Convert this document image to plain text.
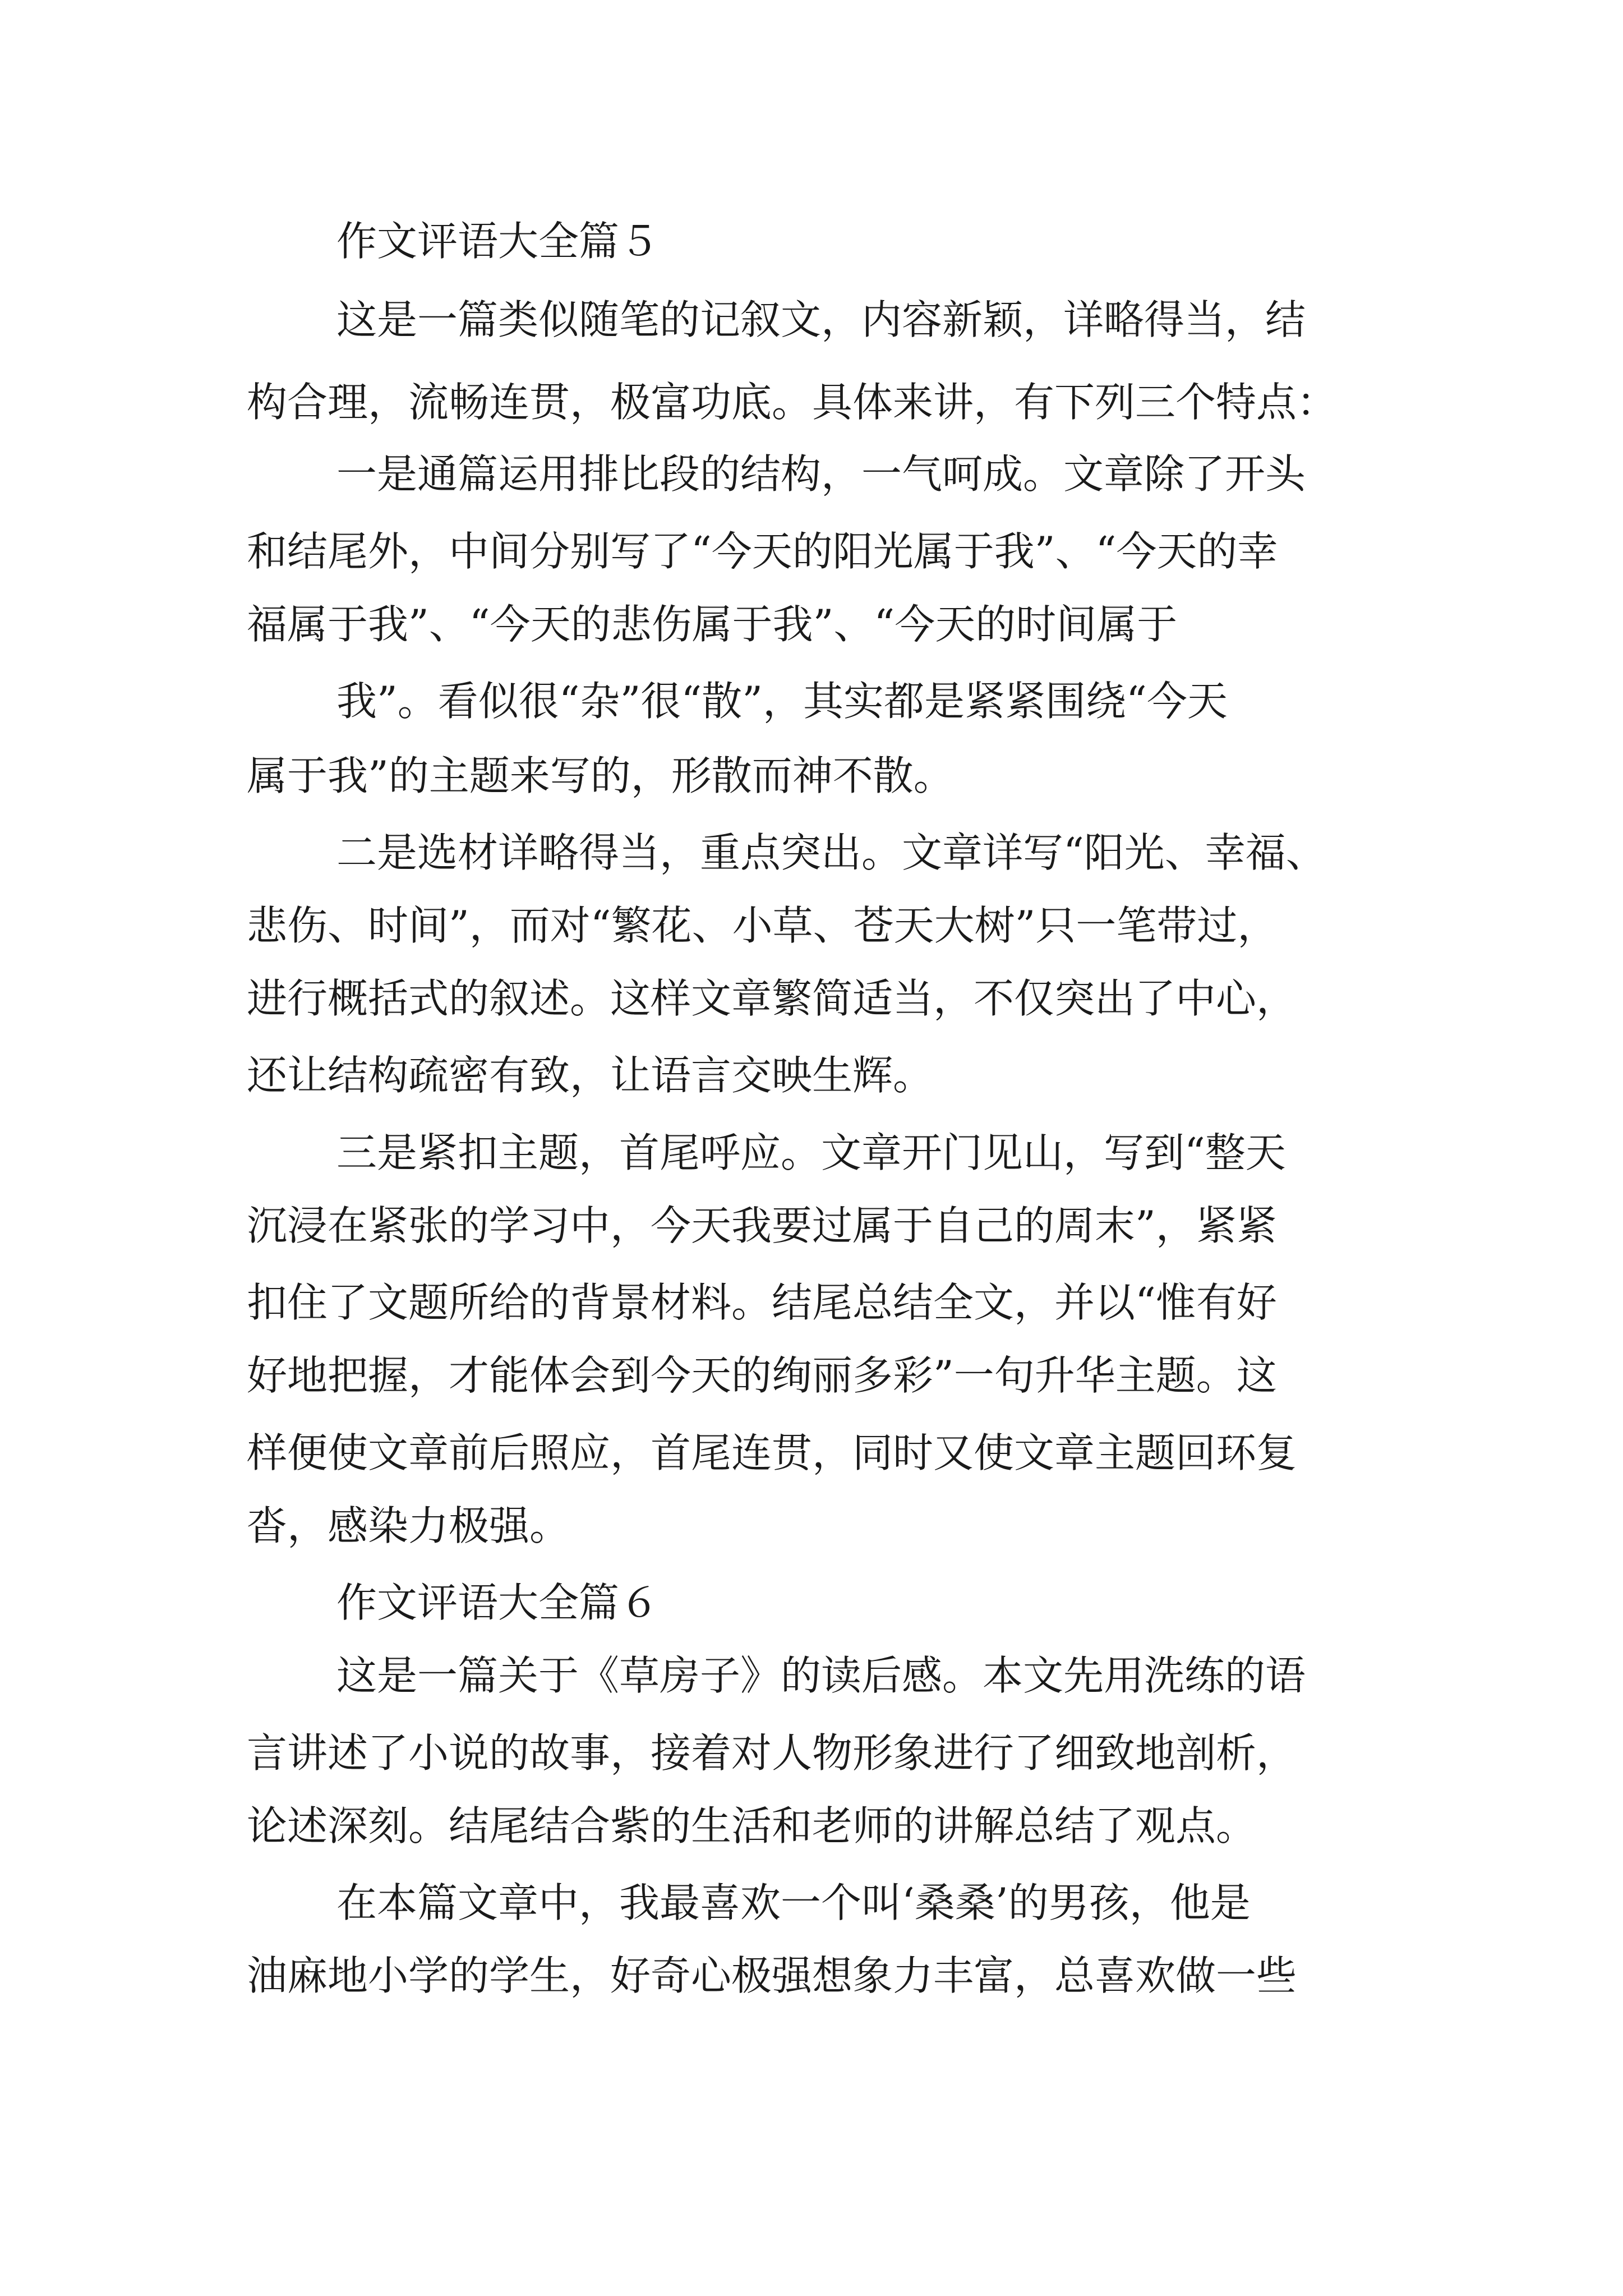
作文评语大全篇５
这是一篇类似随笔的记叙文，内容新颖，详略得当，结
构合理，流畅连贯，极富功底。具体来讲，有下列三个特点：
一是通篇运用排比段的结构，一气呵成。文章除了开头
和结尾外，中间分别写了“今天的阳光属于我”、“今天的幸
福属于我”、“今天的悲伤属于我”、“今天的时间属于
我”。看似很“杂”很“散”，其实都是紧紧围绕“今天
属于我”的主题来写的，形散而神不散。
二是选材详略得当，重点突出。文章详写“阳光、幸福、
悲伤、时间”，而对“繁花、小草、苍天大树”只一笔带过，
进行概括式的叙述。这样文章繁简适当，不仅突出了中心，
还让结构疏密有致，让语言交映生辉。
三是紧扣主题，首尾呼应。文章开门见山，写到“整天
沉浸在紧张的学习中，今天我要过属于自己的周末”，紧紧
扣住了文题所给的背景材料。结尾总结全文，并以“惟有好
好地把握，才能体会到今天的绚丽多彩”一句升华主题。这
样便使文章前后照应，首尾连贯，同时又使文章主题回环复
沓，感染力极强。
作文评语大全篇６
这是一篇关于《草房子》的读后感。本文先用洗练的语
言讲述了小说的故事，接着对人物形象进行了细致地剖析，
论述深刻。结尾结合紫的生活和老师的讲解总结了观点。
在本篇文章中，我最喜欢一个叫‘桑桑’的男孩，他是
油麻地小学的学生，好奇心极强想象力丰富，总喜欢做一些
